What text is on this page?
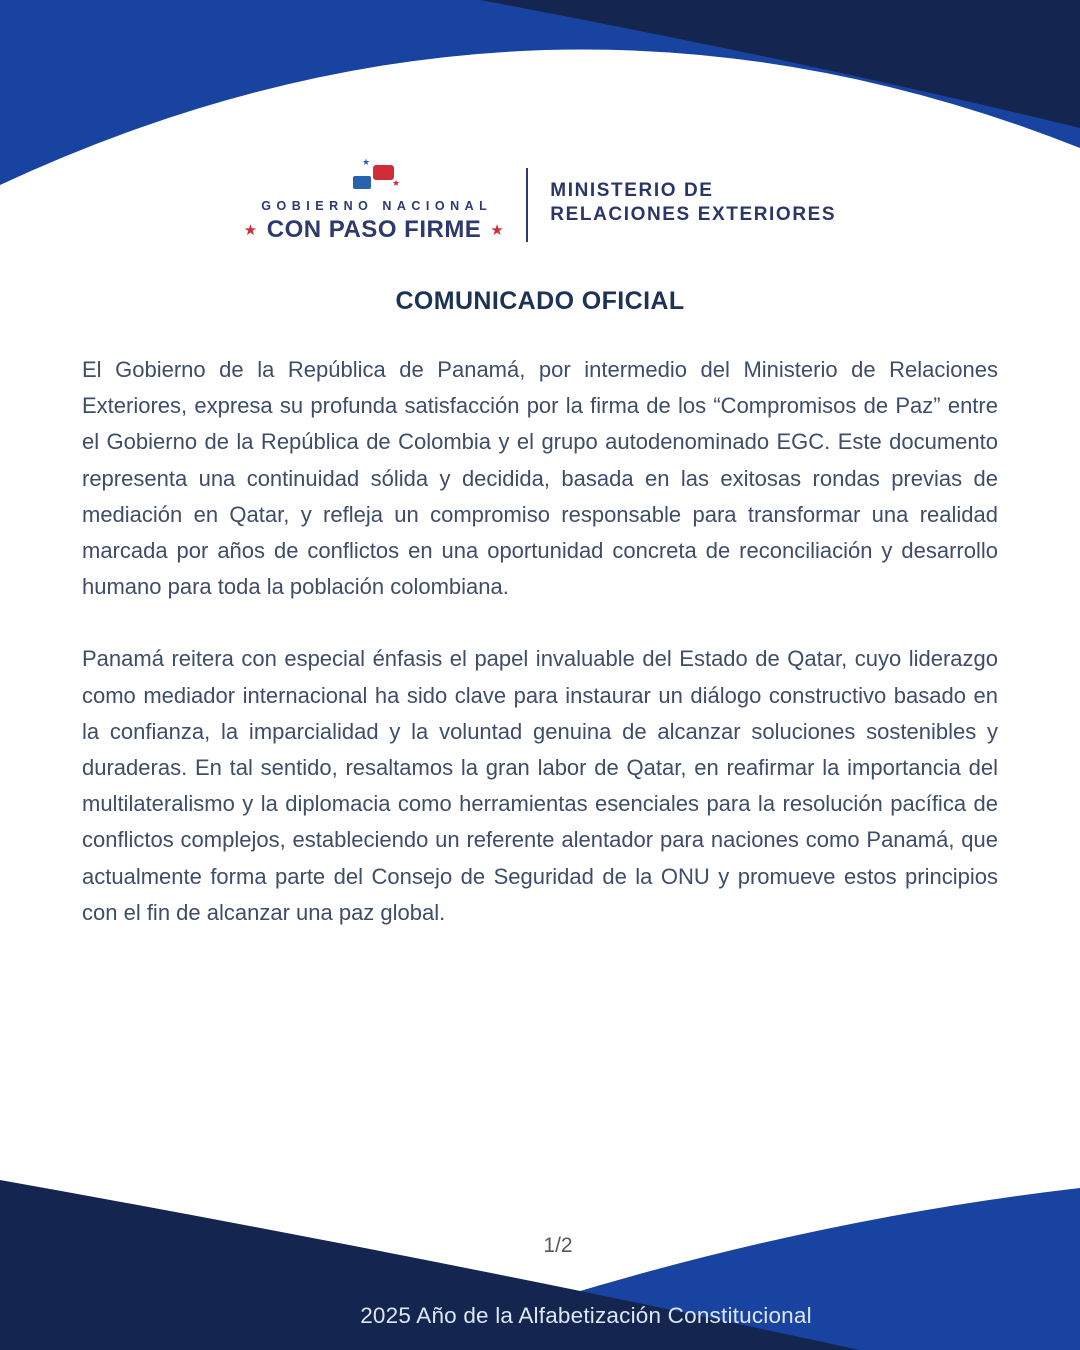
★
★
GOBIERNO NACIONAL
★ CON PASO FIRME ★
MINISTERIO DE
RELACIONES EXTERIORES
COMUNICADO OFICIAL

El Gobierno de la República de Panamá, por intermedio del Ministerio de Relaciones Exteriores, expresa su profunda satisfacción por la firma de los “Compromisos de Paz” entre el Gobierno de la República de Colombia y el grupo autodenominado EGC. Este documento representa una continuidad sólida y decidida, basada en las exitosas rondas previas de mediación en Qatar, y refleja un compromiso responsable para transformar una realidad marcada por años de conflictos en una oportunidad concreta de reconciliación y desarrollo humano para toda la población colombiana.

Panamá reitera con especial énfasis el papel invaluable del Estado de Qatar, cuyo liderazgo como mediador internacional ha sido clave para instaurar un diálogo constructivo basado en la confianza, la imparcialidad y la voluntad genuina de alcanzar soluciones sostenibles y duraderas. En tal sentido, resaltamos la gran labor de Qatar, en reafirmar la importancia del multilateralismo y la diplomacia como herramientas esenciales para la resolución pacífica de conflictos complejos, estableciendo un referente alentador para naciones como Panamá, que actualmente forma parte del Consejo de Seguridad de la ONU y promueve estos principios con el fin de alcanzar una paz global.

1/2
2025 Año de la Alfabetización Constitucional
